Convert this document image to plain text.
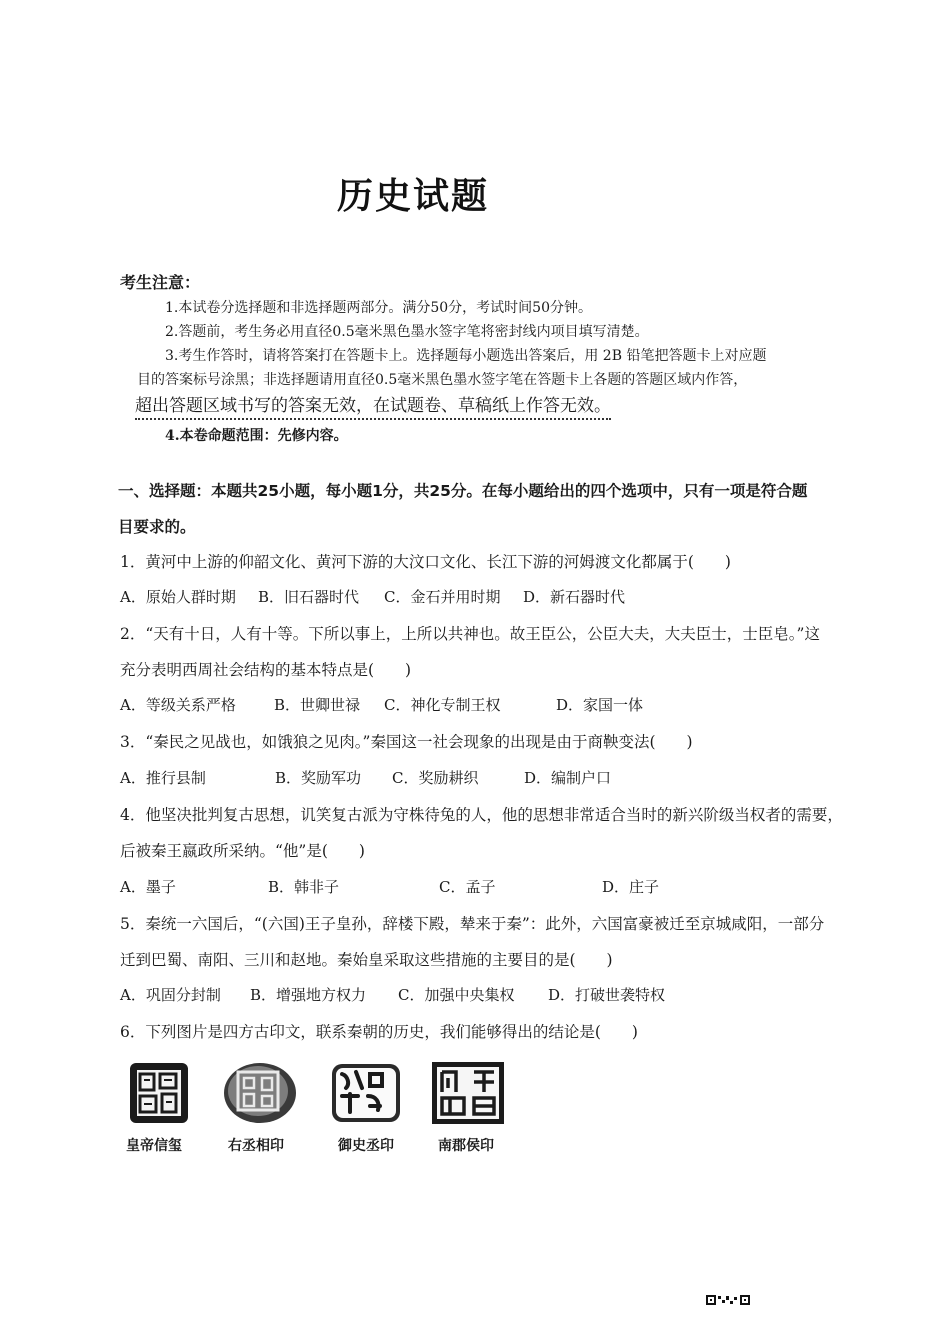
历史试题
考生注意：
1.本试卷分选择题和非选择题两部分。满分50分，考试时间50分钟。
2.答题前，考生务必用直径0.5毫米黑色墨水签字笔将密封线内项目填写清楚。
3.考生作答时，请将答案打在答题卡上。选择题每小题选出答案后，用 2B 铅笔把答题卡上对应题
目的答案标号涂黑；非选择题请用直径0.5毫米黑色墨水签字笔在答题卡上各题的答题区域内作答，
超出答题区域书写的答案无效，在试题卷、草稿纸上作答无效。
4.本卷命题范围：先修内容。
一、选择题：本题共25小题，每小题1分，共25分。在每小题给出的四个选项中，只有一项是符合题
目要求的。
1．黄河中上游的仰韶文化、黄河下游的大汶口文化、长江下游的河姆渡文化都属于(　　)
A．原始人群时期 B．旧石器时代 C．金石并用时期 D．新石器时代
2．“天有十日，人有十等。下所以事上，上所以共神也。故王臣公，公臣大夫，大夫臣士，士臣皂。”这
充分表明西周社会结构的基本特点是(　　)
A．等级关系严格	B．世卿世禄 C．神化专制王权	D．家国一体
3．“秦民之见战也，如饿狼之见肉。”秦国这一社会现象的出现是由于商鞅变法(　　)
A．推行县制	B．奖励军功 C．奖励耕织	D．编制户口
4．他坚决批判复古思想，讥笑复古派为守株待兔的人，他的思想非常适合当时的新兴阶级当权者的需要，
后被秦王嬴政所采纳。“他”是(　　)
A．墨子	B．韩非子	C．孟子	D．庄子
5．秦统一六国后，“(六国)王子皇孙，辞楼下殿，辇来于秦”：此外，六国富豪被迁至京城咸阳，一部分
迁到巴蜀、南阳、三川和赵地。秦始皇采取这些措施的主要目的是(　　)
A．巩固分封制 B．增强地方权力 C．加强中央集权 D．打破世袭特权
6．下列图片是四方古印文，联系秦朝的历史，我们能够得出的结论是(　　)
皇帝信玺	右丞相印	御史丞印	南郡侯印
